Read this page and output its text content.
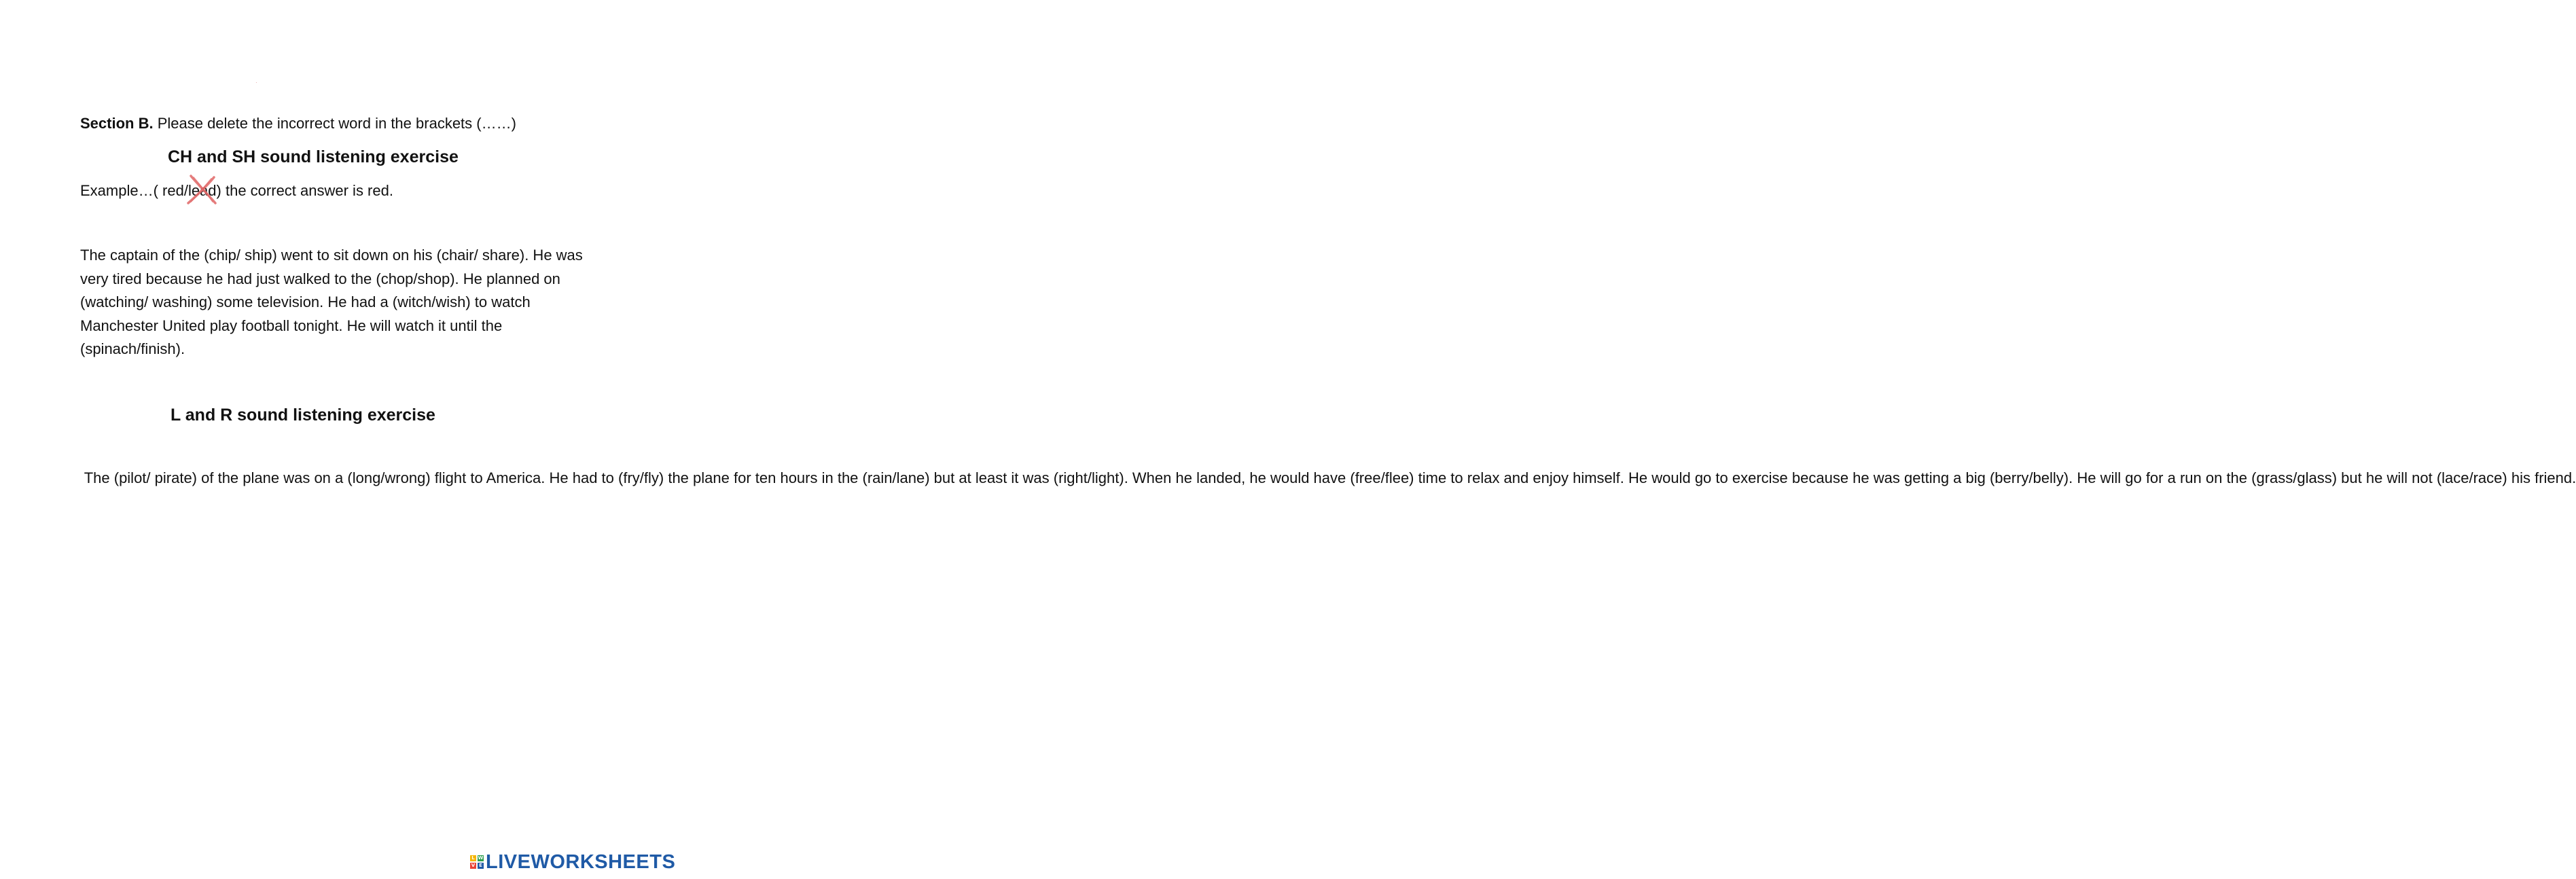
·
Section B. Please delete the incorrect word in the brackets (……)
CH and SH sound listening exercise
Example…( red/lead
) the correct answer is red.

The captain of the (chip/ ship) went to sit down on his (chair/ share). He was very tired because he had just walked to the (chop/shop). He planned on (watching/ washing) some television. He had a (witch/wish) to watch Manchester United play football tonight. He will watch it until the (spinach/finish).

L and R sound listening exercise

The (pilot/ pirate) of the plane was on a (long/wrong) flight to America. He had to (fry/fly) the plane for ten hours in the (rain/lane) but at least it was (right/light). When he landed, he would have (free/flee) time to relax and enjoy himself. He would go to exercise because he was getting a big (berry/belly). He will go for a run on the (grass/glass) but he will not (lace/race) his friend.

L W
V E LIVEWORKSHEETS
